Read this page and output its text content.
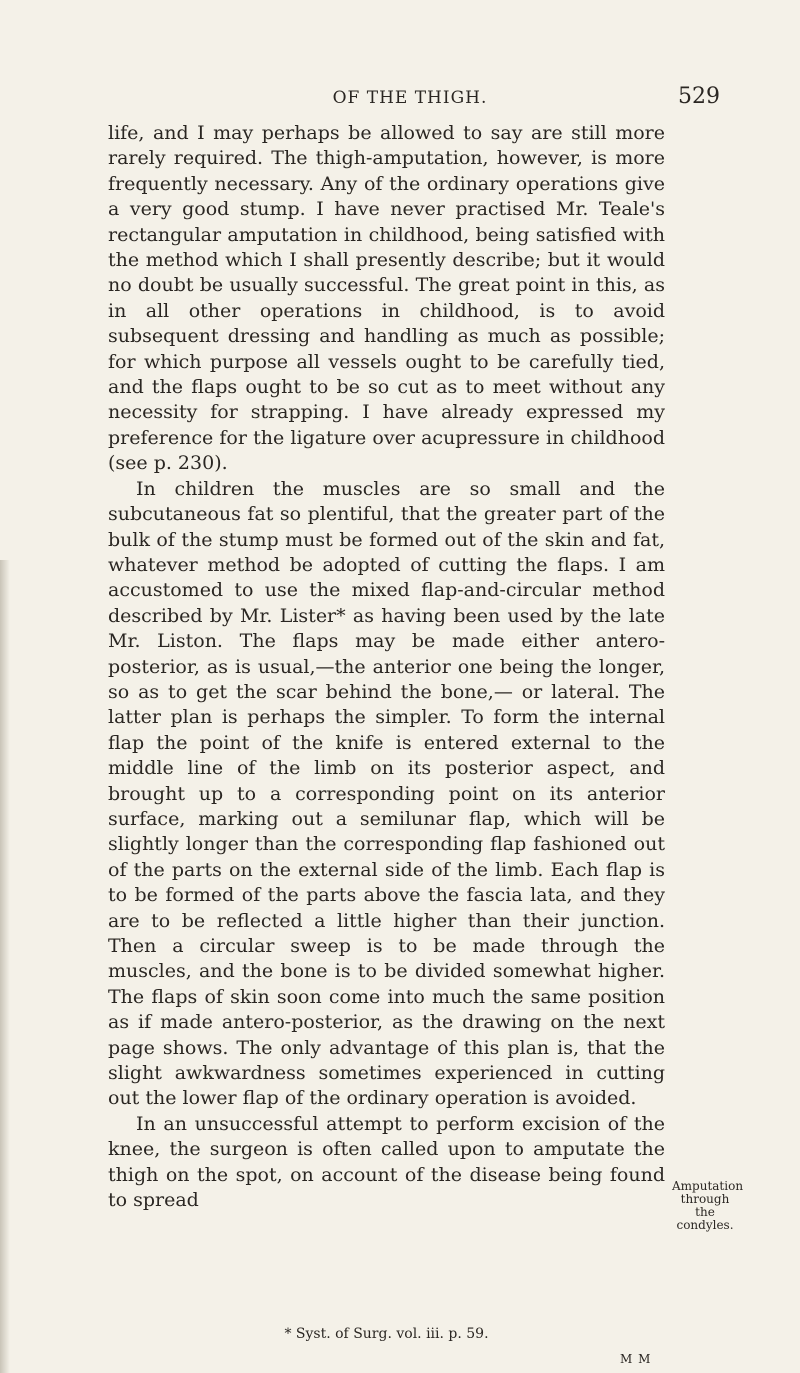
OF THE THIGH.	529

life, and I may perhaps be allowed to say are still more rarely required. The thigh-amputation, however, is more frequently necessary. Any of the ordinary operations give a very good stump. I have never practised Mr. Teale's rectangular amputation in childhood, being satisfied with the method which I shall presently describe; but it would no doubt be usually successful. The great point in this, as in all other operations in childhood, is to avoid subsequent dressing and handling as much as possible; for which purpose all vessels ought to be carefully tied, and the flaps ought to be so cut as to meet without any necessity for strapping. I have already expressed my preference for the ligature over acupressure in childhood (see p. 230).

In children the muscles are so small and the subcutaneous fat so plentiful, that the greater part of the bulk of the stump must be formed out of the skin and fat, whatever method be adopted of cutting the flaps. I am accustomed to use the mixed flap-and-circular method described by Mr. Lister* as having been used by the late Mr. Liston. The flaps may be made either antero-posterior, as is usual,—the anterior one being the longer, so as to get the scar behind the bone,— or lateral. The latter plan is perhaps the simpler. To form the internal flap the point of the knife is entered external to the middle line of the limb on its posterior aspect, and brought up to a corresponding point on its anterior surface, marking out a semilunar flap, which will be slightly longer than the corresponding flap fashioned out of the parts on the external side of the limb. Each flap is to be formed of the parts above the fascia lata, and they are to be reflected a little higher than their junction. Then a circular sweep is to be made through the muscles, and the bone is to be divided somewhat higher. The flaps of skin soon come into much the same position as if made antero-posterior, as the drawing on the next page shows. The only advantage of this plan is, that the slight awkwardness sometimes experienced in cutting out the lower flap of the ordinary operation is avoided.

In an unsuccessful attempt to perform excision of the knee, the surgeon is often called upon to amputate the thigh on the spot, on account of the disease being found to spread

Amputation through the condyles.
* Syst. of Surg. vol. iii. p. 59.
M M
